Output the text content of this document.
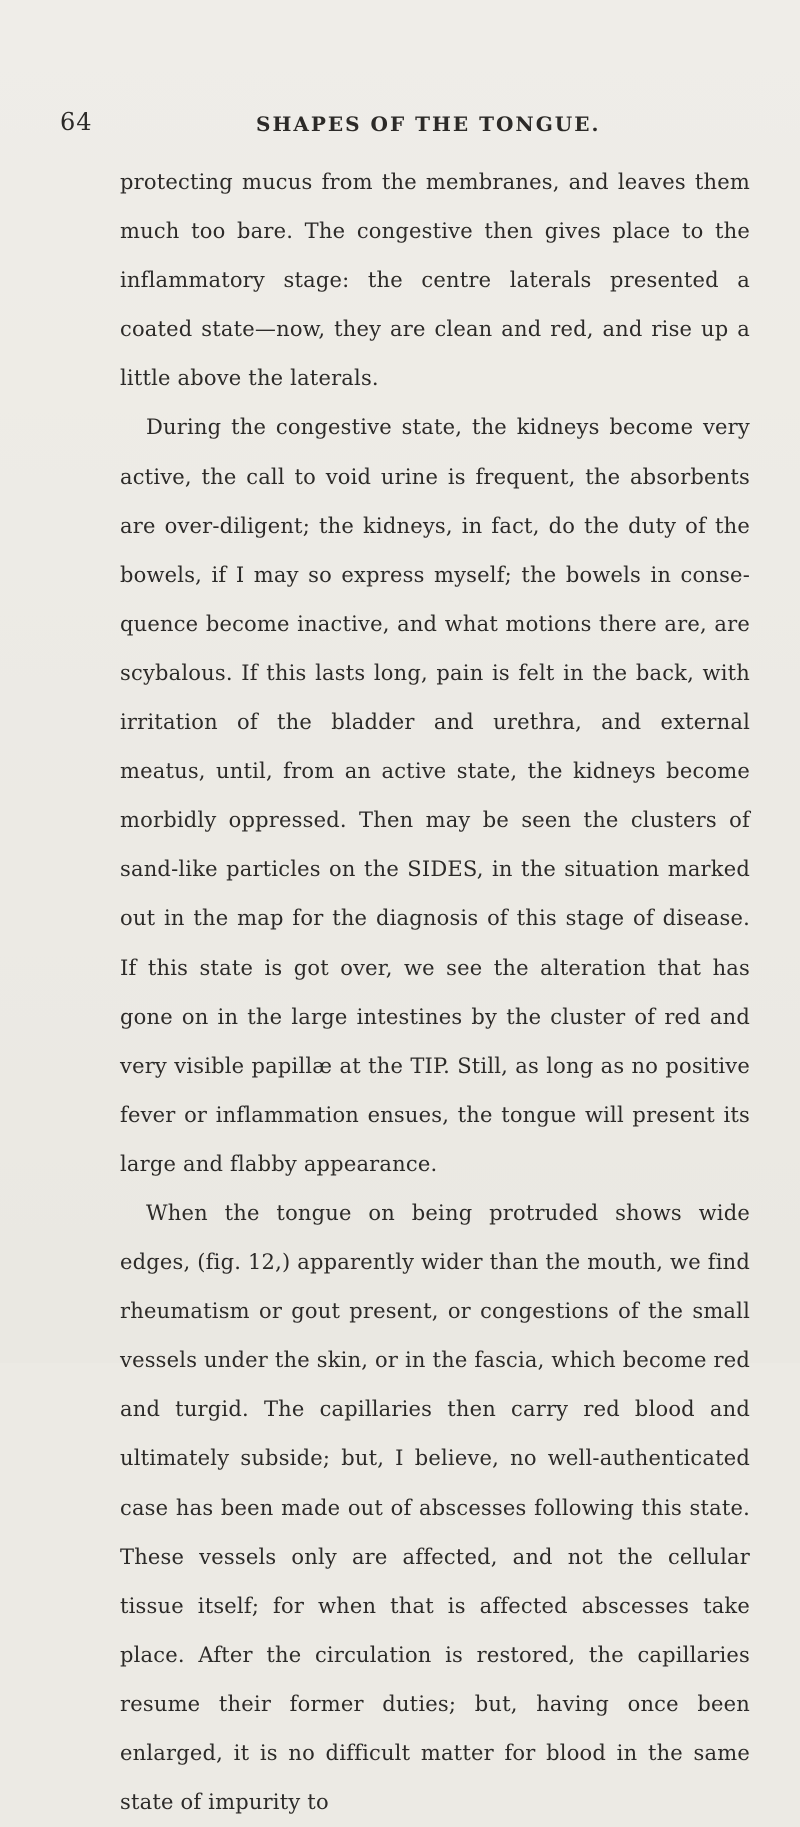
64	SHAPES OF THE TONGUE.

protecting mucus from the membranes, and leaves them much too bare. The congestive then gives place to the inflammatory stage: the centre laterals presented a coated state—now, they are clean and red, and rise up a little above the laterals.

During the congestive state, the kidneys become very active, the call to void urine is frequent, the absorbents are over-diligent; the kidneys, in fact, do the duty of the bowels, if I may so express myself; the bowels in conse-quence become inactive, and what motions there are, are scybalous. If this lasts long, pain is felt in the back, with irritation of the bladder and urethra, and external meatus, until, from an active state, the kidneys become morbidly oppressed. Then may be seen the clusters of sand-like particles on the SIDES, in the situation marked out in the map for the diagnosis of this stage of disease. If this state is got over, we see the alteration that has gone on in the large intestines by the cluster of red and very visible papillæ at the TIP. Still, as long as no positive fever or inflammation ensues, the tongue will present its large and flabby appearance.

When the tongue on being protruded shows wide edges, (fig. 12,) apparently wider than the mouth, we find rheumatism or gout present, or congestions of the small vessels under the skin, or in the fascia, which become red and turgid. The capillaries then carry red blood and ultimately subside; but, I believe, no well-authenticated case has been made out of abscesses following this state. These vessels only are affected, and not the cellular tissue itself; for when that is affected abscesses take place. After the circulation is restored, the capillaries resume their former duties; but, having once been enlarged, it is no difficult matter for blood in the same state of impurity to
